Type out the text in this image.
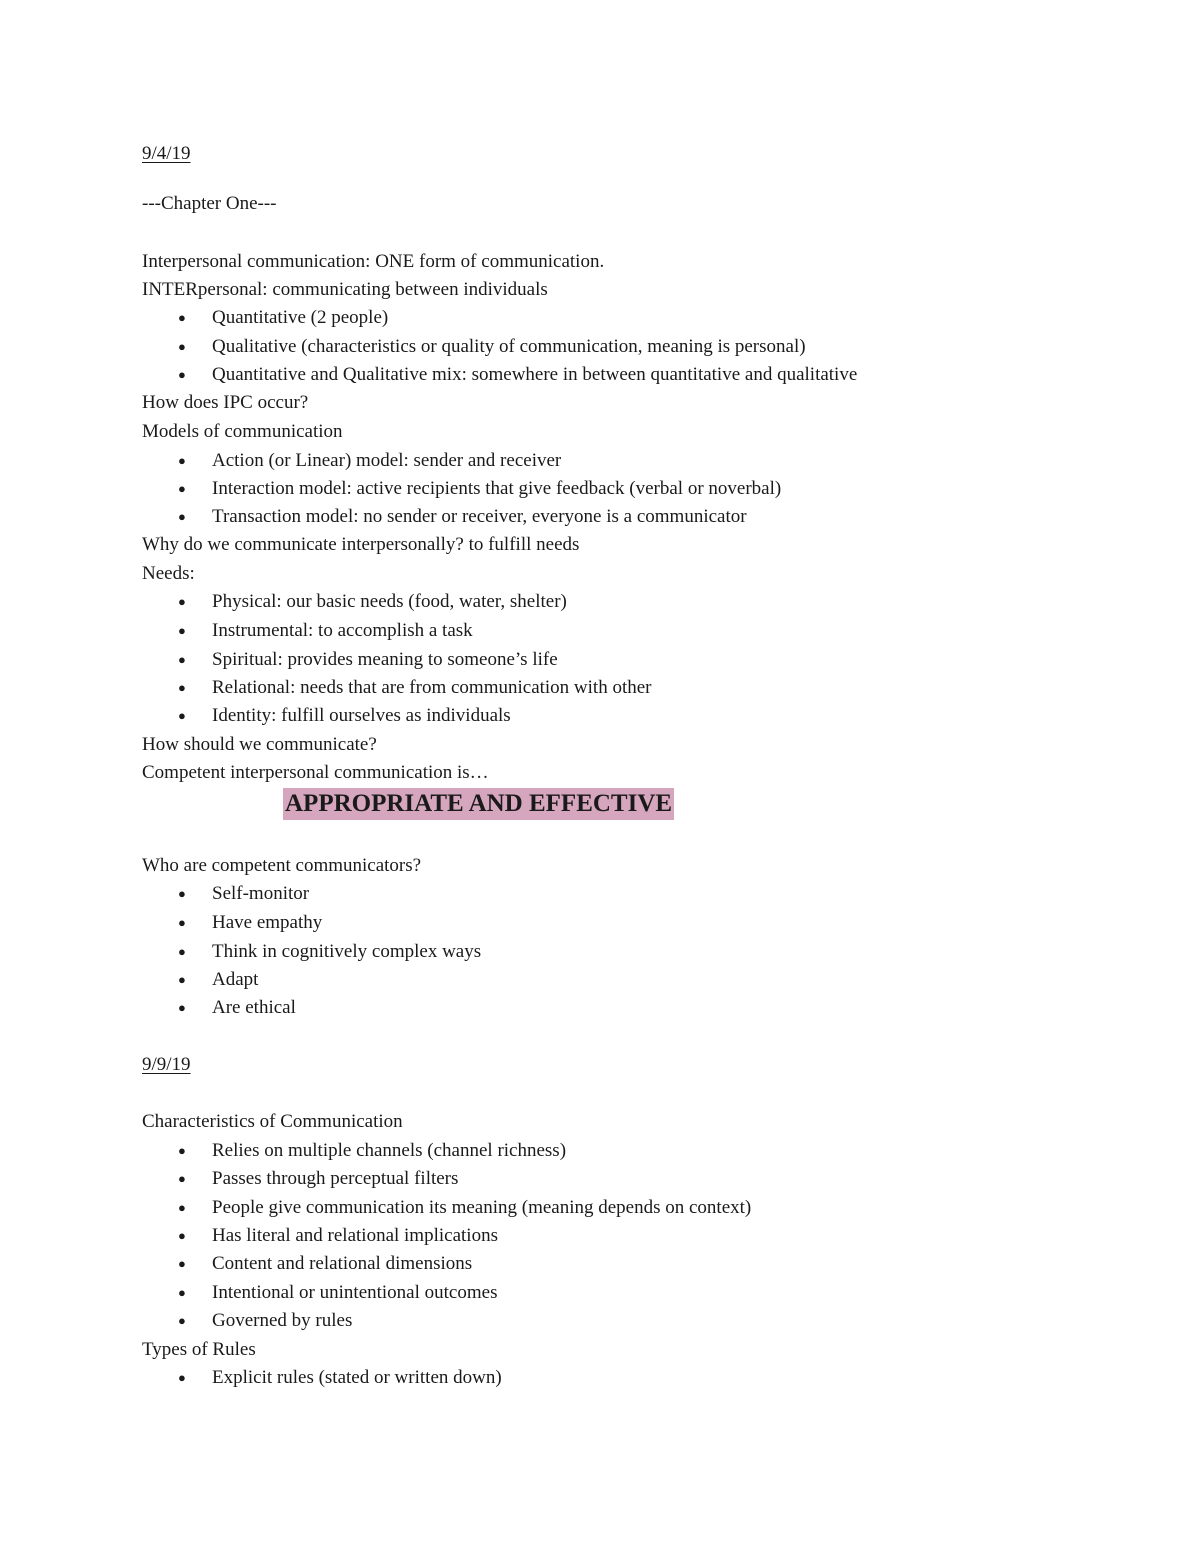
9/4/19
---Chapter One---
Interpersonal communication: ONE form of communication.
INTERpersonal: communicating between individuals
● Quantitative (2 people)
● Qualitative (characteristics or quality of communication, meaning is personal)
● Quantitative and Qualitative mix: somewhere in between quantitative and qualitative
How does IPC occur?
Models of communication
● Action (or Linear) model: sender and receiver
● Interaction model: active recipients that give feedback (verbal or noverbal)
● Transaction model: no sender or receiver, everyone is a communicator
Why do we communicate interpersonally? to fulfill needs
Needs:
● Physical: our basic needs (food, water, shelter)
● Instrumental: to accomplish a task
● Spiritual: provides meaning to someone’s life
● Relational: needs that are from communication with other
● Identity: fulfill ourselves as individuals
How should we communicate?
Competent interpersonal communication is…
APPROPRIATE AND EFFECTIVE
Who are competent communicators?
● Self-monitor
● Have empathy
● Think in cognitively complex ways
● Adapt
● Are ethical
9/9/19
Characteristics of Communication
● Relies on multiple channels (channel richness)
● Passes through perceptual filters
● People give communication its meaning (meaning depends on context)
● Has literal and relational implications
● Content and relational dimensions
● Intentional or unintentional outcomes
● Governed by rules
Types of Rules
● Explicit rules (stated or written down)
